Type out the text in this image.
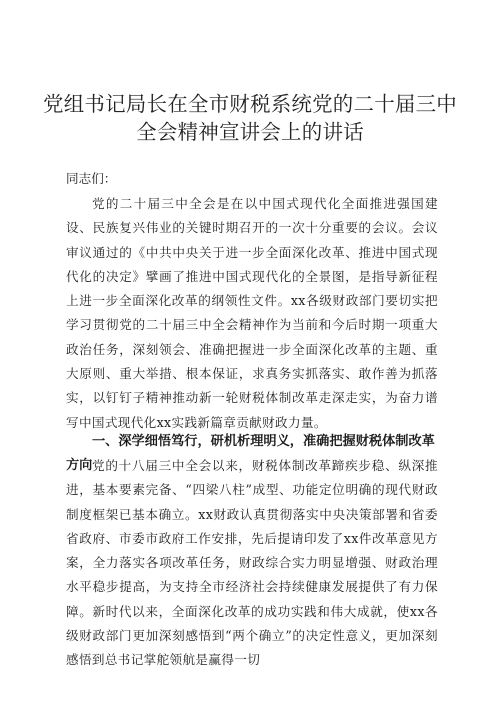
党组书记局长在全市财税系统党的二十届三中
全会精神宣讲会上的讲话

同志们：

党的二十届三中全会是在以中国式现代化全面推进强国建设、民族复兴伟业的关键时期召开的一次十分重要的会议。会议审议通过的《中共中央关于进一步全面深化改革、推进中国式现代化的决定》擘画了推进中国式现代化的全景图，是指导新征程上进一步全面深化改革的纲领性文件。xx各级财政部门要切实把学习贯彻党的二十届三中全会精神作为当前和今后时期一项重大政治任务，深刻领会、准确把握进一步全面深化改革的主题、重大原则、重大举措、根本保证，求真务实抓落实、敢作善为抓落实，以钉钉子精神推动新一轮财税体制改革走深走实，为奋力谱写中国式现代化xx实践新篇章贡献财政力量。

一、深学细悟笃行，研机析理明义，准确把握财税体制改革方向 党的十八届三中全会以来，财税体制改革蹄疾步稳、纵深推进，基本要素完备、“四梁八柱”成型、功能定位明确的现代财政制度框架已基本确立。xx财政认真贯彻落实中央决策部署和省委省政府、市委市政府工作安排，先后提请印发了xx件改革意见方案，全力落实各项改革任务，财政综合实力明显增强、财政治理水平稳步提高，为支持全市经济社会持续健康发展提供了有力保障。新时代以来，全面深化改革的成功实践和伟大成就，使xx各级财政部门更加深刻感悟到“两个确立”的决定性意义，更加深刻感悟到总书记掌舵领航是赢得一切
